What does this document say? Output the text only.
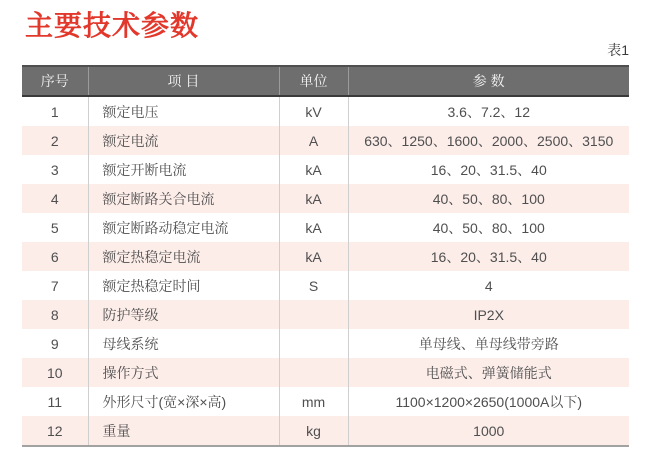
主要技术参数
表1
序号	项 目	单位	参 数
1	额定电压	kV	3.6、7.2、12
2	额定电流	A	630、1250、1600、2000、2500、3150
3	额定开断电流	kA	16、20、31.5、40
4	额定断路关合电流	kA	40、50、80、100
5	额定断路动稳定电流	kA	40、50、80、100
6	额定热稳定电流	kA	16、20、31.5、40
7	额定热稳定时间	S	4
8	防护等级		IP2X
9	母线系统		单母线、单母线带旁路
10	操作方式		电磁式、弹簧储能式
11	外形尺寸(宽×深×高)	mm	1100×1200×2650(1000A以下)
12	重量	kg	1000
